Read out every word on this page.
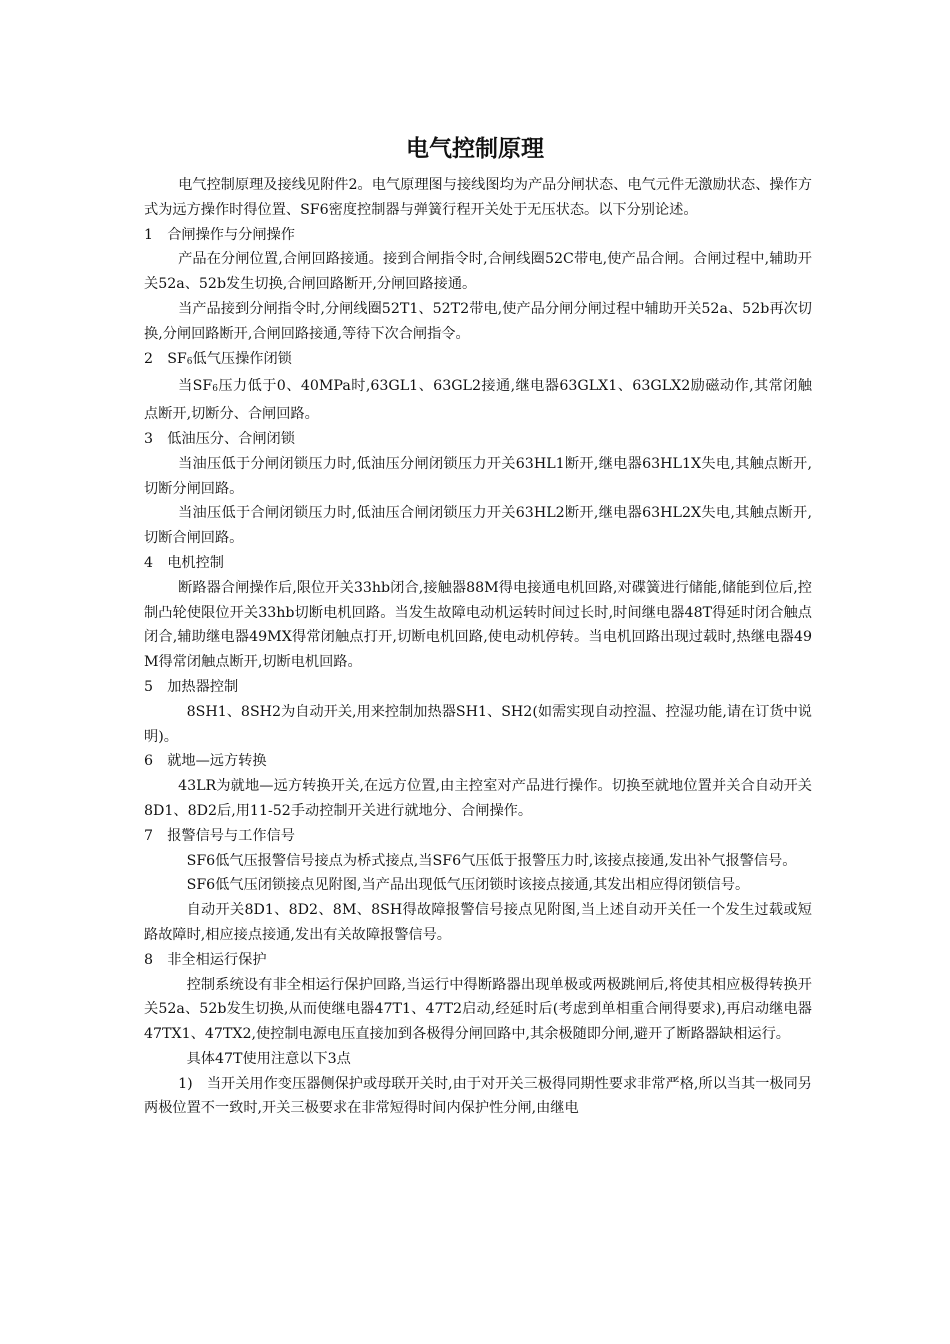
电气控制原理

电气控制原理及接线见附件2。电气原理图与接线图均为产品分闸状态、电气元件无激励状态、操作方式为远方操作时得位置、SF6密度控制器与弹簧行程开关处于无压状态。以下分别论述。

1　合闸操作与分闸操作

产品在分闸位置,合闸回路接通。接到合闸指令时,合闸线圈52C带电,使产品合闸。合闸过程中,辅助开关52a、52b发生切换,合闸回路断开,分闸回路接通。

当产品接到分闸指令时,分闸线圈52T1、52T2带电,使产品分闸分闸过程中辅助开关52a、52b再次切换,分闸回路断开,合闸回路接通,等待下次合闸指令。

2　$SF_6$低气压操作闭锁

当$SF_6$压力低于0、40MPa时,63GL1、63GL2接通,继电器63GLX1、63GLX2励磁动作,其常闭触点断开,切断分、合闸回路。

3　低油压分、合闸闭锁

当油压低于分闸闭锁压力时,低油压分闸闭锁压力开关63HL1断开,继电器63HL1X失电,其触点断开,切断分闸回路。

当油压低于合闸闭锁压力时,低油压合闸闭锁压力开关63HL2断开,继电器63HL2X失电,其触点断开,切断合闸回路。

4　电机控制

断路器合闸操作后,限位开关33hb闭合,接触器88M得电接通电机回路,对碟簧进行储能,储能到位后,控制凸轮使限位开关33hb切断电机回路。当发生故障电动机运转时间过长时,时间继电器48T得延时闭合触点闭合,辅助继电器49MX得常闭触点打开,切断电机回路,使电动机停转。当电机回路出现过载时,热继电器49M得常闭触点断开,切断电机回路。

5　加热器控制

8SH1、8SH2为自动开关,用来控制加热器SH1、SH2(如需实现自动控温、控湿功能,请在订货中说明)。

6　就地—远方转换

43LR为就地—远方转换开关,在远方位置,由主控室对产品进行操作。切换至就地位置并关合自动开关8D1、8D2后,用11-52手动控制开关进行就地分、合闸操作。

7　报警信号与工作信号

SF6低气压报警信号接点为桥式接点,当SF6气压低于报警压力时,该接点接通,发出补气报警信号。

SF6低气压闭锁接点见附图,当产品出现低气压闭锁时该接点接通,其发出相应得闭锁信号。

自动开关8D1、8D2、8M、8SH得故障报警信号接点见附图,当上述自动开关任一个发生过载或短路故障时,相应接点接通,发出有关故障报警信号。

8　非全相运行保护

控制系统设有非全相运行保护回路,当运行中得断路器出现单极或两极跳闸后,将使其相应极得转换开关52a、52b发生切换,从而使继电器47T1、47T2启动,经延时后(考虑到单相重合闸得要求),再启动继电器47TX1、47TX2,使控制电源电压直接加到各极得分闸回路中,其余极随即分闸,避开了断路器缺相运行。

具体47T使用注意以下3点

1)　当开关用作变压器侧保护或母联开关时,由于对开关三极得同期性要求非常严格,所以当其一极同另两极位置不一致时,开关三极要求在非常短得时间内保护性分闸,由继电
